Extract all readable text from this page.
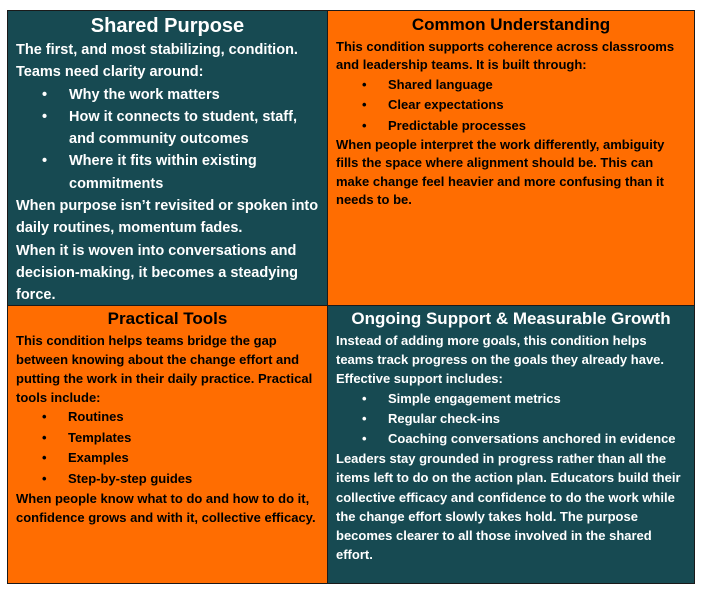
Shared Purpose

The first, and most stabilizing, condition. Teams need clarity around:

• Why the work matters
• How it connects to student, staff, and community outcomes
• Where it fits within existing commitments

When purpose isn’t revisited or spoken into daily routines, momentum fades.

When it is woven into conversations and decision-making, it becomes a steadying force.

Common Understanding

This condition supports coherence across classrooms and leadership teams. It is built through:

• Shared language
• Clear expectations
• Predictable processes

When people interpret the work differently, ambiguity fills the space where alignment should be. This can make change feel heavier and more confusing than it needs to be.

Practical Tools

This condition helps teams bridge the gap between knowing about the change effort and putting the work in their daily practice. Practical tools include:

• Routines
• Templates
• Examples
• Step-by-step guides

When people know what to do and how to do it, confidence grows and with it, collective efficacy.

Ongoing Support & Measurable Growth

Instead of adding more goals, this condition helps teams track progress on the goals they already have. Effective support includes:

• Simple engagement metrics
• Regular check-ins
• Coaching conversations anchored in evidence

Leaders stay grounded in progress rather than all the items left to do on the action plan. Educators build their collective efficacy and confidence to do the work while the change effort slowly takes hold. The purpose becomes clearer to all those involved in the shared effort.
